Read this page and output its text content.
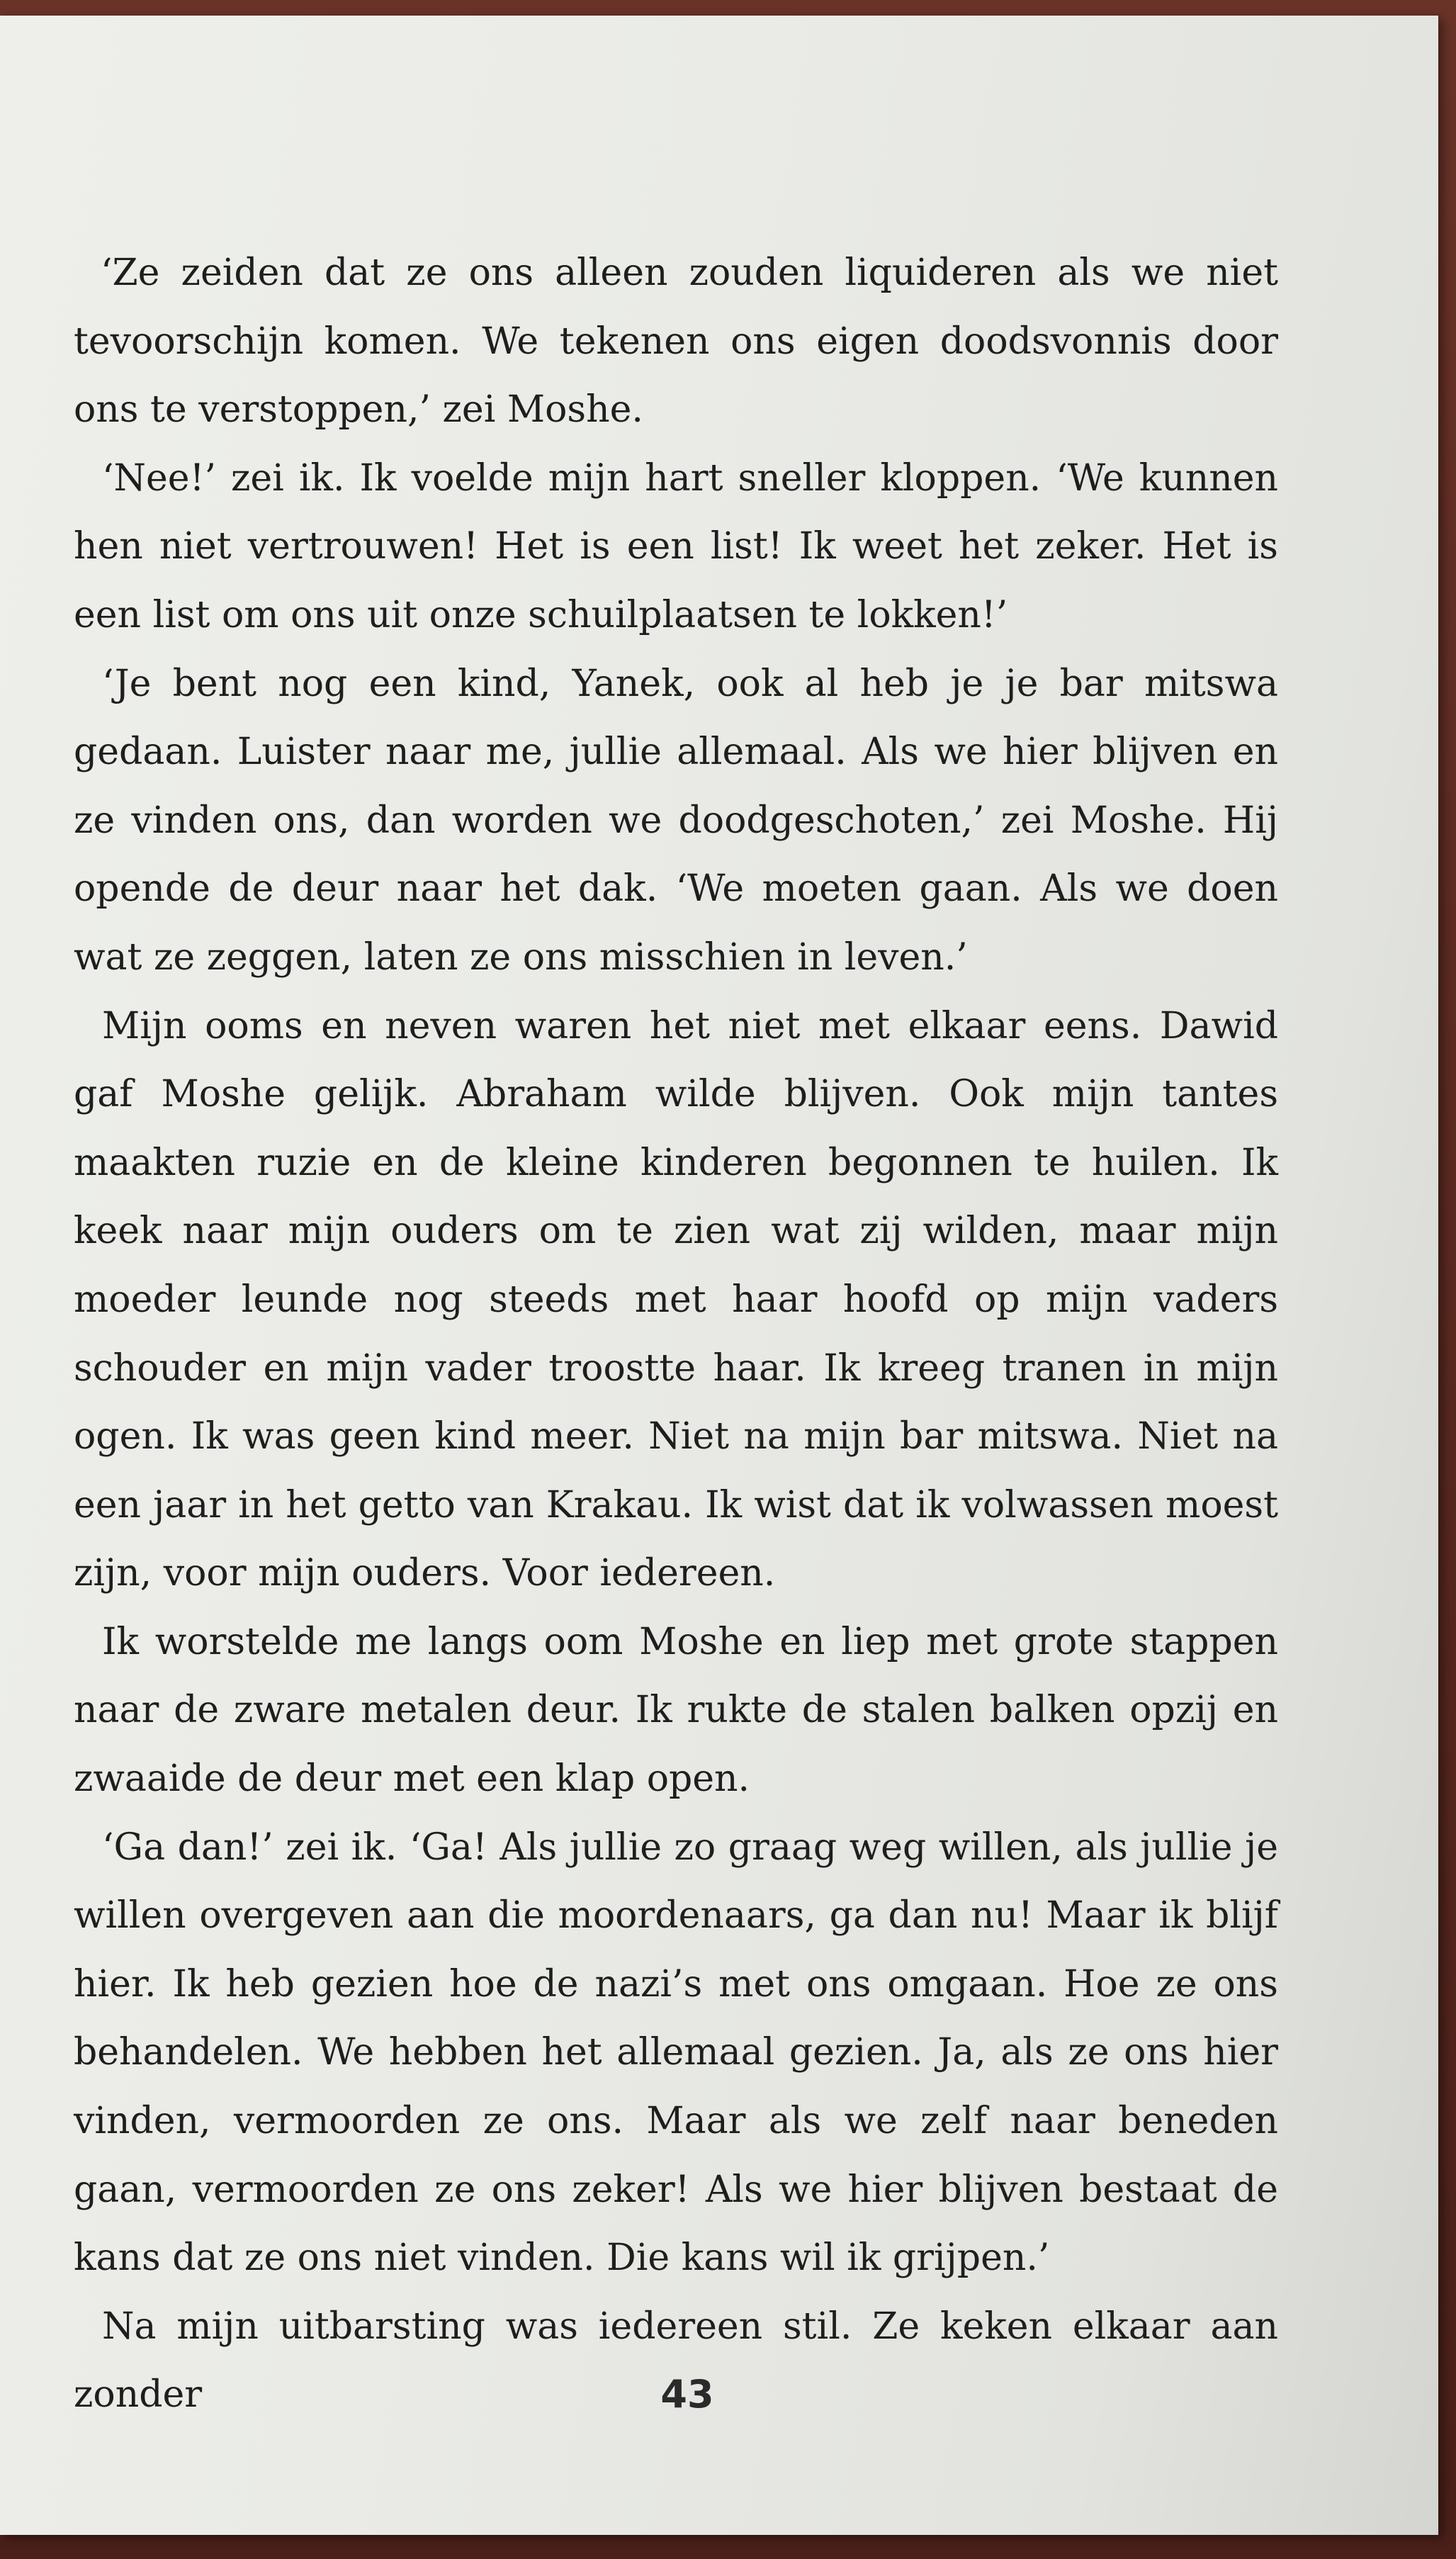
‘Ze zeiden dat ze ons alleen zouden liquideren als we niet tevoorschijn komen. We tekenen ons eigen doodsvonnis door ons te verstoppen,’ zei Moshe.

‘Nee!’ zei ik. Ik voelde mijn hart sneller kloppen. ‘We kunnen hen niet vertrouwen! Het is een list! Ik weet het zeker. Het is een list om ons uit onze schuilplaatsen te lokken!’

‘Je bent nog een kind, Yanek, ook al heb je je bar mitswa gedaan. Luister naar me, jullie allemaal. Als we hier blijven en ze vinden ons, dan worden we doodgeschoten,’ zei Moshe. Hij opende de deur naar het dak. ‘We moeten gaan. Als we doen wat ze zeggen, laten ze ons misschien in leven.’

Mijn ooms en neven waren het niet met elkaar eens. Dawid gaf Moshe gelijk. Abraham wilde blijven. Ook mijn tantes maakten ruzie en de kleine kinderen begonnen te huilen. Ik keek naar mijn ouders om te zien wat zij wilden, maar mijn moeder leunde nog steeds met haar hoofd op mijn vaders schouder en mijn vader troostte haar. Ik kreeg tranen in mijn ogen. Ik was geen kind meer. Niet na mijn bar mitswa. Niet na een jaar in het getto van Krakau. Ik wist dat ik volwassen moest zijn, voor mijn ouders. Voor iedereen.

Ik worstelde me langs oom Moshe en liep met grote stappen naar de zware metalen deur. Ik rukte de stalen balken opzij en zwaaide de deur met een klap open.

‘Ga dan!’ zei ik. ‘Ga! Als jullie zo graag weg willen, als jullie je willen overgeven aan die moordenaars, ga dan nu! Maar ik blijf hier. Ik heb gezien hoe de nazi’s met ons omgaan. Hoe ze ons behandelen. We hebben het allemaal gezien. Ja, als ze ons hier vinden, vermoorden ze ons. Maar als we zelf naar beneden gaan, vermoorden ze ons zeker! Als we hier blijven bestaat de kans dat ze ons niet vinden. Die kans wil ik grijpen.’

Na mijn uitbarsting was iedereen stil. Ze keken elkaar aan zonder	43
